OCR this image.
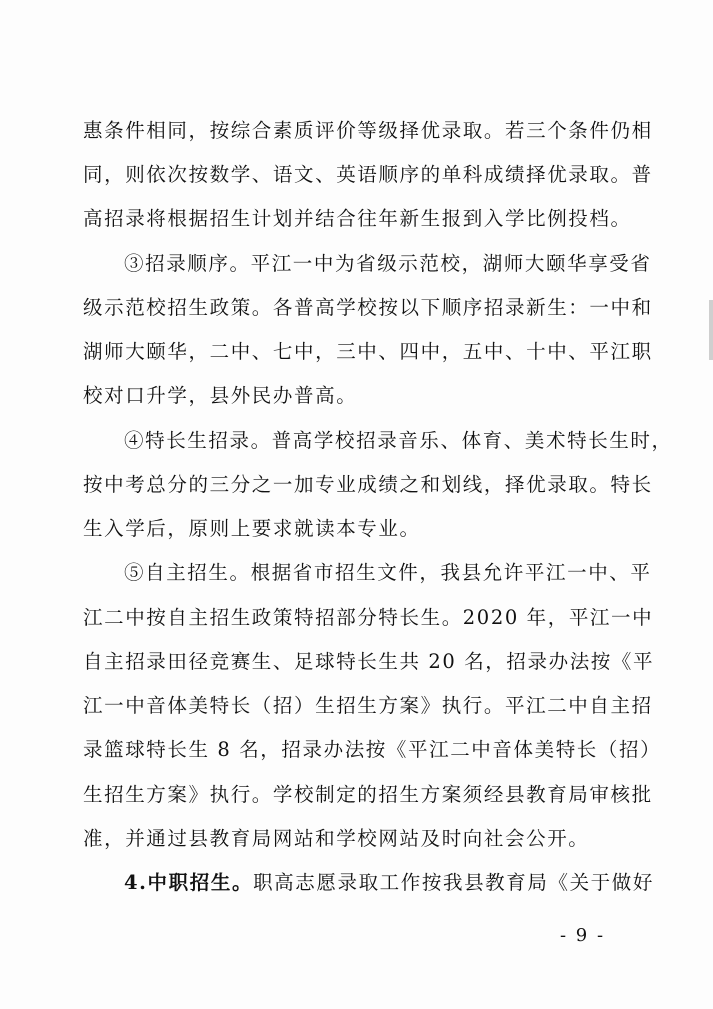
惠条件相同，按综合素质评价等级择优录取。若三个条件仍相
同，则依次按数学、语文、英语顺序的单科成绩择优录取。普
高招录将根据招生计划并结合往年新生报到入学比例投档。
③招录顺序。平江一中为省级示范校，湖师大颐华享受省
级示范校招生政策。各普高学校按以下顺序招录新生：一中和
湖师大颐华，二中、七中，三中、四中，五中、十中、平江职
校对口升学，县外民办普高。
④特长生招录。普高学校招录音乐、体育、美术特长生时，
按中考总分的三分之一加专业成绩之和划线，择优录取。特长
生入学后，原则上要求就读本专业。
⑤自主招生。根据省市招生文件，我县允许平江一中、平
江二中按自主招生政策特招部分特长生。2020 年，平江一中
自主招录田径竞赛生、足球特长生共 20 名，招录办法按《平
江一中音体美特长（招）生招生方案》执行。平江二中自主招
录篮球特长生 8 名，招录办法按《平江二中音体美特长（招）
生招生方案》执行。学校制定的招生方案须经县教育局审核批
准，并通过县教育局网站和学校网站及时向社会公开。
4.中职招生。职高志愿录取工作按我县教育局《关于做好
- 9 -
